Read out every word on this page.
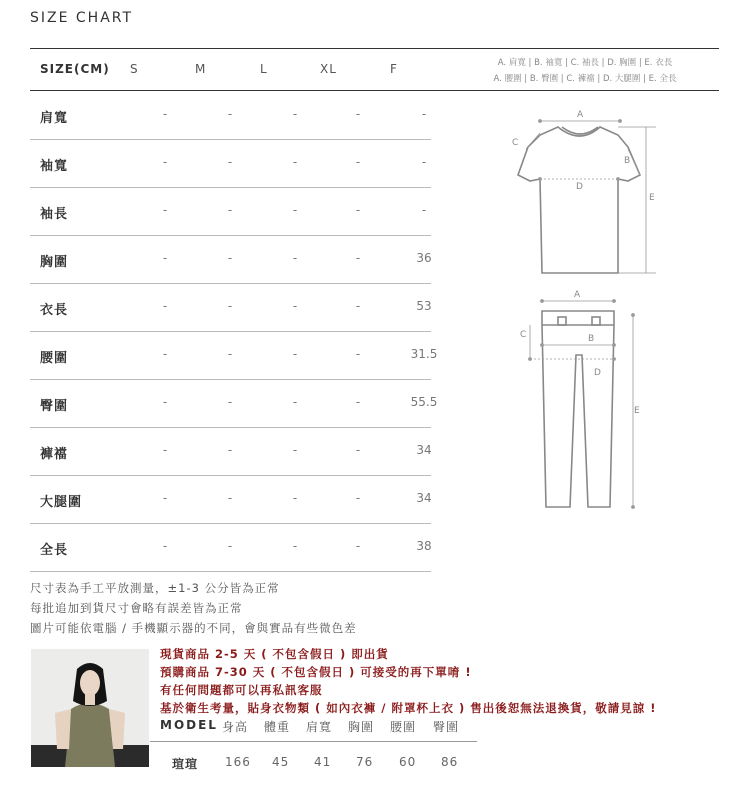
SIZE CHART
SIZE(CM) S	M	L	XL	F	A. 肩寬 | B. 袖寬 | C. 袖長 | D. 胸圍 | E. 衣長
A. 腰圍 | B. 臀圍 | C. 褲襠 | D. 大腿圍 | E. 全長
肩寬	-	-	-	-	-
袖寬	-	-	-	-	-
袖長	-	-	-	-	-
胸圍	-	-	-	-	36
衣長	-	-	-	-	53
腰圍	-	-	-	-	31.5
臀圍	-	-	-	-	55.5
褲襠	-	-	-	-	34
大腿圍	-	-	-	-	34
全長	-	-	-	-	38
A
B
C
D
E
A
B
C
D
E
尺寸表為手工平放測量，±1-3 公分皆為正常
每批追加到貨尺寸會略有誤差皆為正常
圖片可能依電腦 / 手機顯示器的不同，會與實品有些微色差
現貨商品 2-5 天 ( 不包含假日 ) 即出貨
預購商品 7-30 天 ( 不包含假日 ) 可接受的再下單唷 !
有任何問題都可以再私訊客服
基於衛生考量，貼身衣物類 ( 如內衣褲 / 附罩杯上衣 ) 售出後恕無法退換貨，敬請見諒 !
MODEL 身高 體重 肩寬 胸圍 腰圍 臀圍
瑄瑄 166 45 41 76 60 86
